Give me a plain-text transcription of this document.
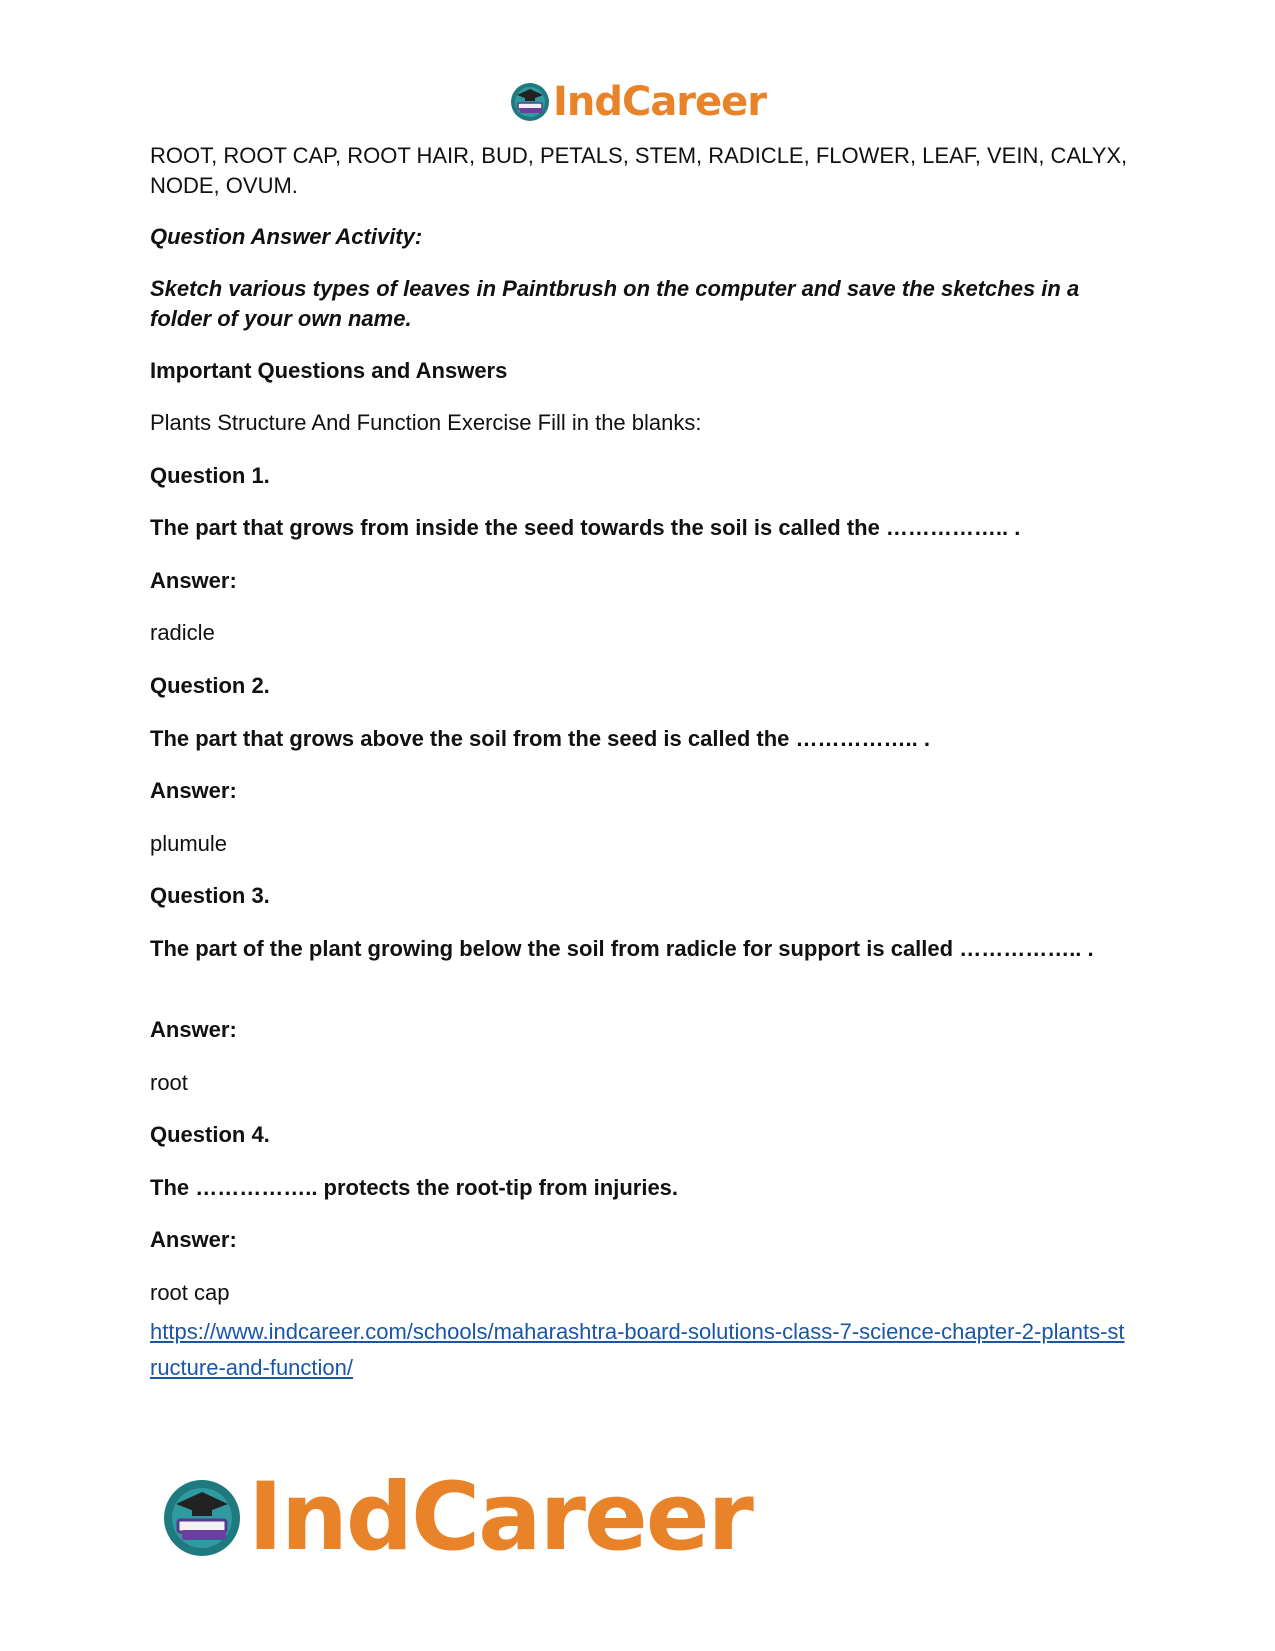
IndCareer

ROOT, ROOT CAP, ROOT HAIR, BUD, PETALS, STEM, RADICLE, FLOWER, LEAF, VEIN, CALYX, NODE, OVUM.

Question Answer Activity:

Sketch various types of leaves in Paintbrush on the computer and save the sketches in a folder of your own name.

Important Questions and Answers

Plants Structure And Function Exercise Fill in the blanks:

Question 1.

The part that grows from inside the seed towards the soil is called the …………….. .

Answer:

radicle

Question 2.

The part that grows above the soil from the seed is called the …………….. .

Answer:

plumule

Question 3.

The part of the plant growing below the soil from radicle for support is called …………….. .

Answer:

root

Question 4.

The …………….. protects the root-tip from injuries.

Answer:

root cap

https://www.indcareer.com/schools/maharashtra-board-solutions-class-7-science-chapter-2-plants-structure-and-function/
IndCareer
